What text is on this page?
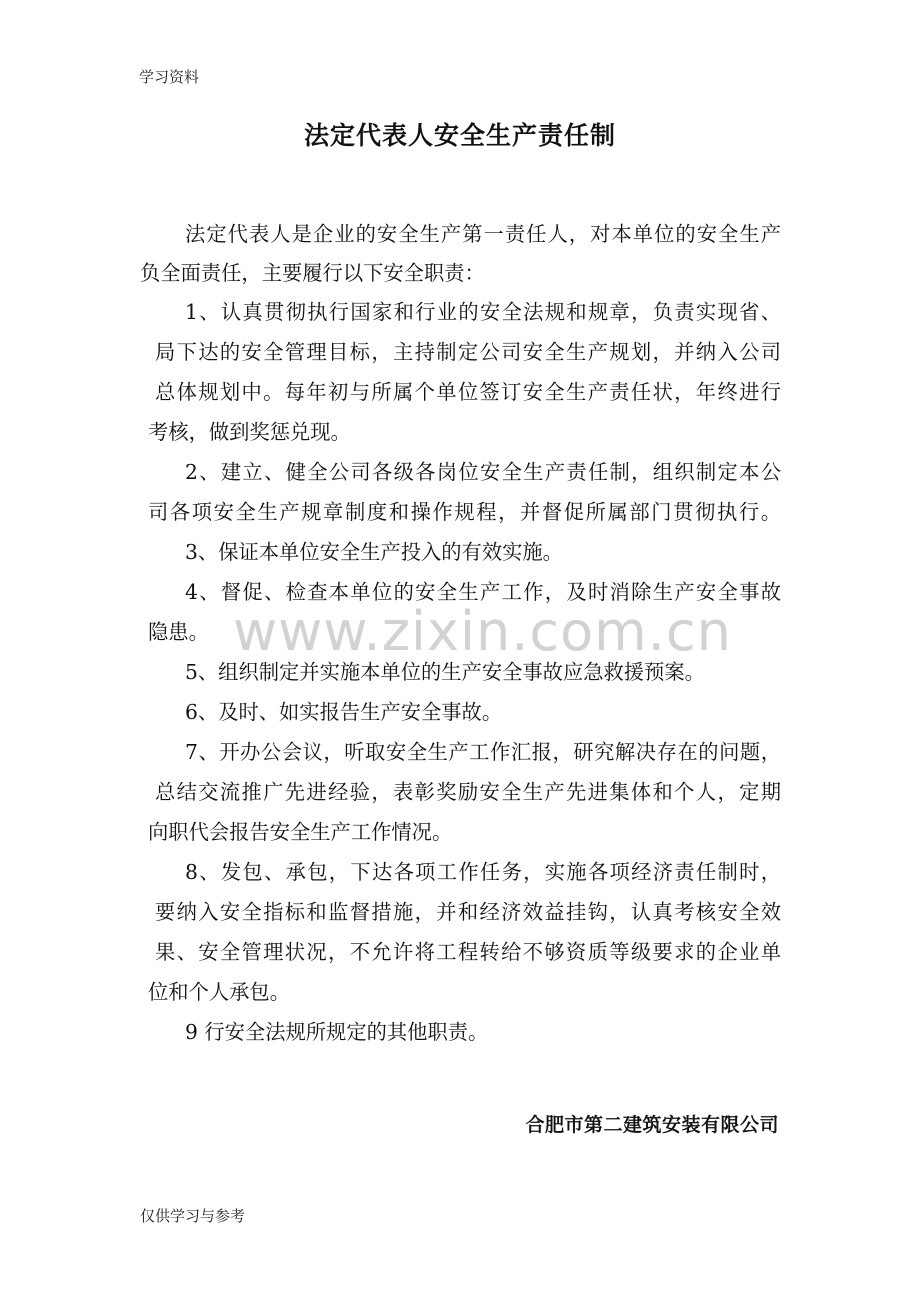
学习资料
法定代表人安全生产责任制
www.zixin.com.cn
法定代表人是企业的安全生产第一责任人，对本单位的安全生产
负全面责任，主要履行以下安全职责：
1、认真贯彻执行国家和行业的安全法规和规章，负责实现省、
局下达的安全管理目标，主持制定公司安全生产规划，并纳入公司
总体规划中。每年初与所属个单位签订安全生产责任状，年终进行
考核，做到奖惩兑现。
2、建立、健全公司各级各岗位安全生产责任制，组织制定本公
司各项安全生产规章制度和操作规程，并督促所属部门贯彻执行。
3、保证本单位安全生产投入的有效实施。
4、督促、检查本单位的安全生产工作，及时消除生产安全事故
隐患。
5、组织制定并实施本单位的生产安全事故应急救援预案。
6、及时、如实报告生产安全事故。
7、开办公会议，听取安全生产工作汇报，研究解决存在的问题，
总结交流推广先进经验，表彰奖励安全生产先进集体和个人，定期
向职代会报告安全生产工作情况。
8、发包、承包，下达各项工作任务，实施各项经济责任制时，
要纳入安全指标和监督措施，并和经济效益挂钩，认真考核安全效
果、安全管理状况，不允许将工程转给不够资质等级要求的企业单
位和个人承包。
9 行安全法规所规定的其他职责。
合肥市第二建筑安装有限公司
仅供学习与参考
